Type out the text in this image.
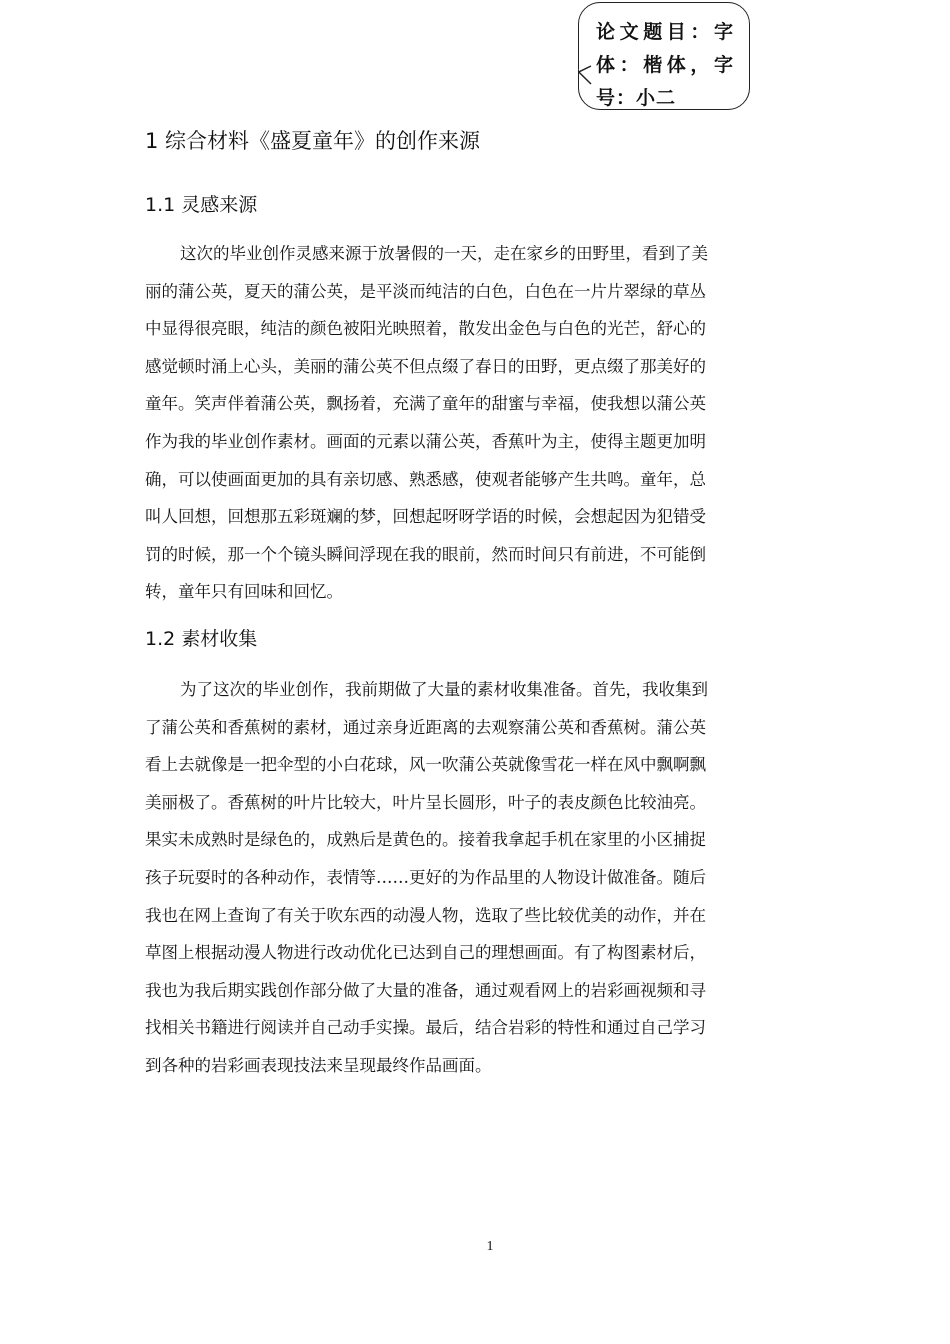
论文题目：字体：楷体，字号：小二
1 综合材料《盛夏童年》的创作来源
1.1 灵感来源
这次的毕业创作灵感来源于放暑假的一天，走在家乡的田野里，看到了美
丽的蒲公英，夏天的蒲公英，是平淡而纯洁的白色，白色在一片片翠绿的草丛
中显得很亮眼，纯洁的颜色被阳光映照着，散发出金色与白色的光芒，舒心的
感觉顿时涌上心头，美丽的蒲公英不但点缀了春日的田野，更点缀了那美好的
童年。笑声伴着蒲公英，飘扬着，充满了童年的甜蜜与幸福，使我想以蒲公英
作为我的毕业创作素材。画面的元素以蒲公英，香蕉叶为主，使得主题更加明
确，可以使画面更加的具有亲切感、熟悉感，使观者能够产生共鸣。童年，总
叫人回想，回想那五彩斑斓的梦，回想起呀呀学语的时候，会想起因为犯错受
罚的时候，那一个个镜头瞬间浮现在我的眼前，然而时间只有前进，不可能倒
转，童年只有回味和回忆。
1.2 素材收集
为了这次的毕业创作，我前期做了大量的素材收集准备。首先，我收集到
了蒲公英和香蕉树的素材，通过亲身近距离的去观察蒲公英和香蕉树。蒲公英
看上去就像是一把伞型的小白花球，风一吹蒲公英就像雪花一样在风中飘啊飘
美丽极了。香蕉树的叶片比较大，叶片呈长圆形，叶子的表皮颜色比较油亮。
果实未成熟时是绿色的，成熟后是黄色的。接着我拿起手机在家里的小区捕捉
孩子玩耍时的各种动作，表情等……更好的为作品里的人物设计做准备。随后
我也在网上查询了有关于吹东西的动漫人物，选取了些比较优美的动作，并在
草图上根据动漫人物进行改动优化已达到自己的理想画面。有了构图素材后，
我也为我后期实践创作部分做了大量的准备，通过观看网上的岩彩画视频和寻
找相关书籍进行阅读并自己动手实操。最后，结合岩彩的特性和通过自己学习
到各种的岩彩画表现技法来呈现最终作品画面。
1
